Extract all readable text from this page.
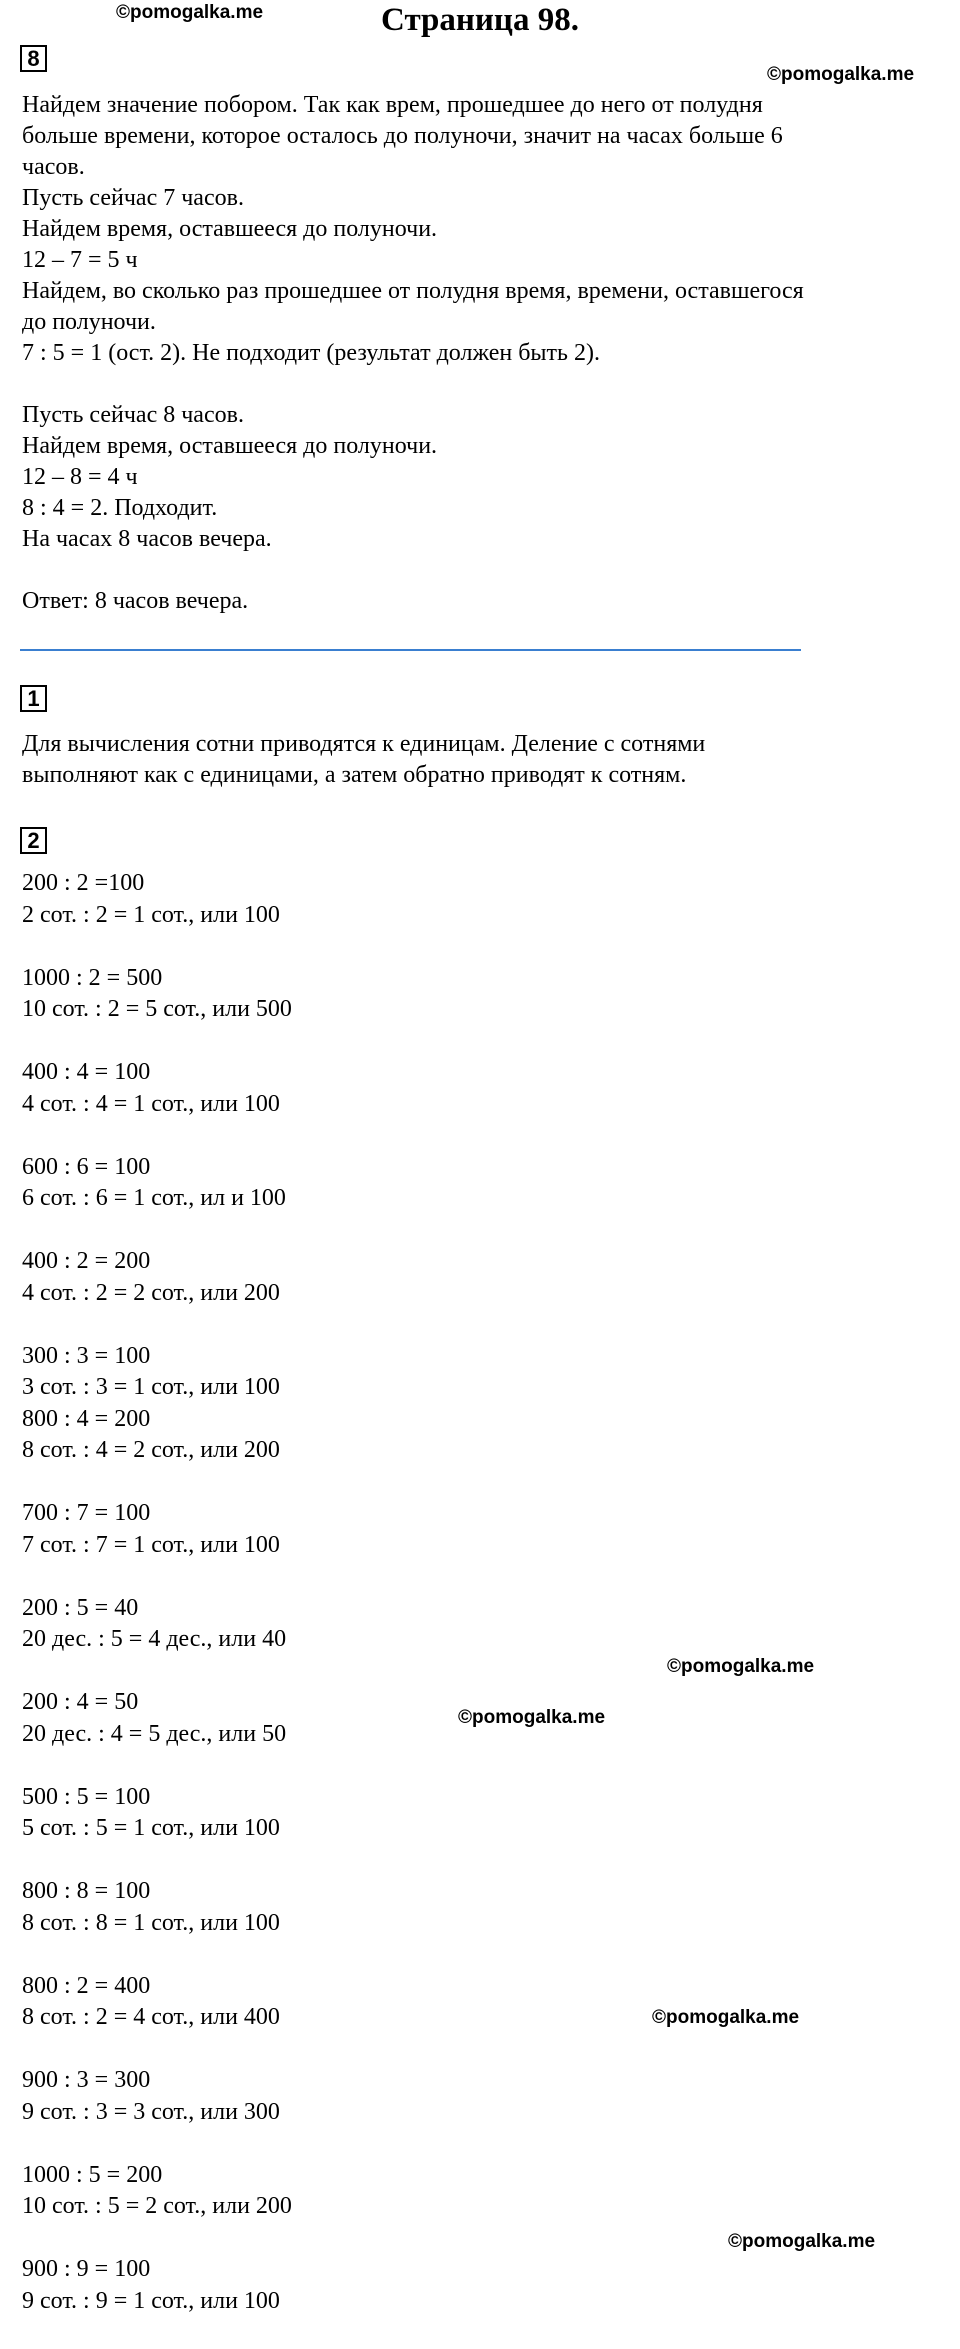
©pomogalka.me
©pomogalka.me
©pomogalka.me
©pomogalka.me
©pomogalka.me
©pomogalka.me
Страница 98.
8

Найдем значение побором. Так как врем, прошедшее до него от полудня

больше времени, которое осталось до полуночи, значит на часах больше 6

часов.

Пусть сейчас 7 часов.

Найдем время, оставшееся до полуночи.

12 – 7 = 5 ч

Найдем, во сколько раз прошедшее от полудня время, времени, оставшегося

до полуночи.

7 : 5 = 1 (ост. 2). Не подходит (результат должен быть 2).

Пусть сейчас 8 часов.

Найдем время, оставшееся до полуночи.

12 – 8 = 4 ч

8 : 4 = 2. Подходит.

На часах 8 часов вечера.

Ответ: 8 часов вечера.

1

Для вычисления сотни приводятся к единицам. Деление с сотнями

выполняют как с единицами, а затем обратно приводят к сотням.

2

200 : 2 =100

2 сот. : 2 = 1 сот., или 100

1000 : 2 = 500

10 сот. : 2 = 5 сот., или 500

400 : 4 = 100

4 сот. : 4 = 1 сот., или 100

600 : 6 = 100

6 сот. : 6 = 1 сот., ил и 100

400 : 2 = 200

4 сот. : 2 = 2 сот., или 200

300 : 3 = 100

3 сот. : 3 = 1 сот., или 100

800 : 4 = 200

8 сот. : 4 = 2 сот., или 200

700 : 7 = 100

7 сот. : 7 = 1 сот., или 100

200 : 5 = 40

20 дес. : 5 = 4 дес., или 40

200 : 4 = 50

20 дес. : 4 = 5 дес., или 50

500 : 5 = 100

5 сот. : 5 = 1 сот., или 100

800 : 8 = 100

8 сот. : 8 = 1 сот., или 100

800 : 2 = 400

8 сот. : 2 = 4 сот., или 400

900 : 3 = 300

9 сот. : 3 = 3 сот., или 300

1000 : 5 = 200

10 сот. : 5 = 2 сот., или 200

900 : 9 = 100

9 сот. : 9 = 1 сот., или 100
